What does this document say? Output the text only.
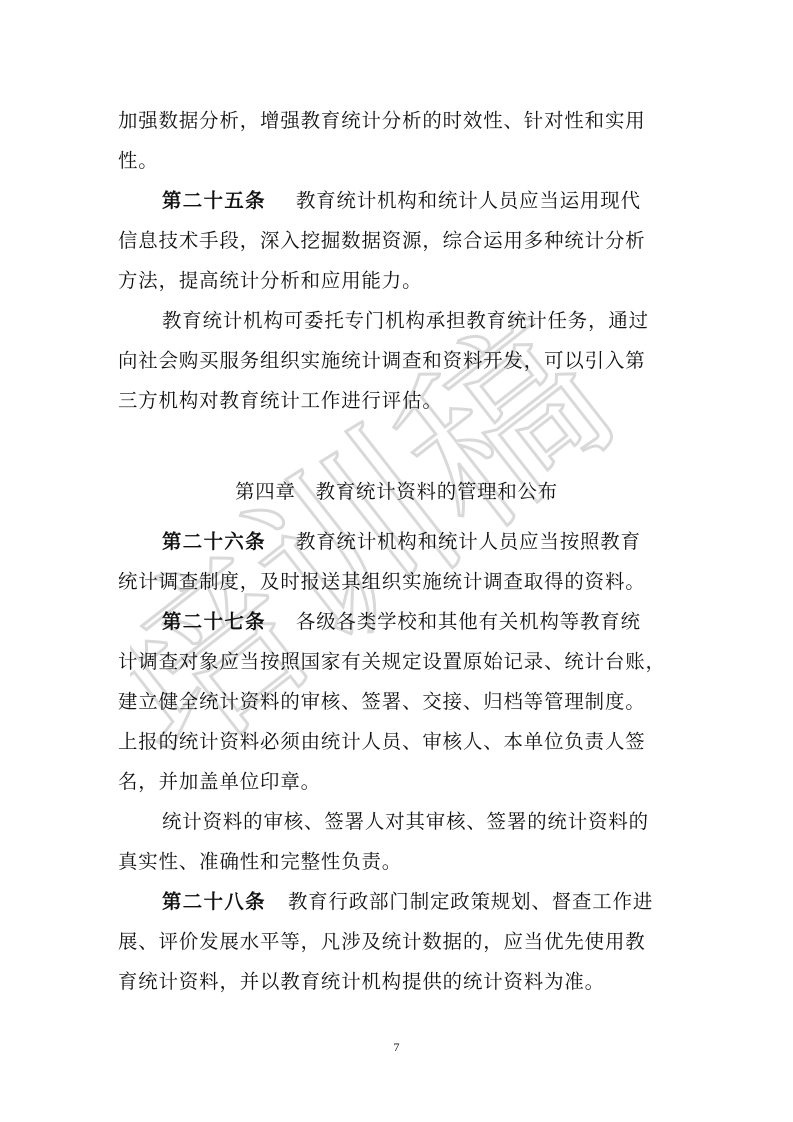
培训稿
加强数据分析，增强教育统计分析的时效性、针对性和实用
性。
第二十五条 教育统计机构和统计人员应当运用现代
信息技术手段，深入挖掘数据资源，综合运用多种统计分析
方法，提高统计分析和应用能力。
教育统计机构可委托专门机构承担教育统计任务，通过
向社会购买服务组织实施统计调查和资料开发，可以引入第
三方机构对教育统计工作进行评估。
第四章 教育统计资料的管理和公布
第二十六条 教育统计机构和统计人员应当按照教育
统计调查制度，及时报送其组织实施统计调查取得的资料。
第二十七条 各级各类学校和其他有关机构等教育统
计调查对象应当按照国家有关规定设置原始记录、统计台账，
建立健全统计资料的审核、签署、交接、归档等管理制度。
上报的统计资料必须由统计人员、审核人、本单位负责人签
名，并加盖单位印章。
统计资料的审核、签署人对其审核、签署的统计资料的
真实性、准确性和完整性负责。
第二十八条 教育行政部门制定政策规划、督查工作进
展、评价发展水平等，凡涉及统计数据的，应当优先使用教
育统计资料，并以教育统计机构提供的统计资料为准。
7
